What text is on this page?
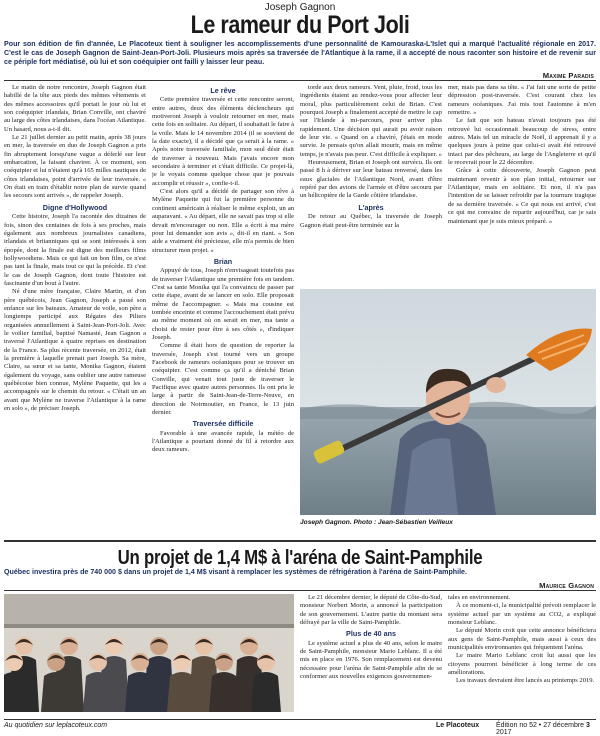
Joseph Gagnon
Le rameur du Port Joli
Pour son édition de fin d'année, Le Placoteux tient à souligner les accomplissements d'une personnalité de Kamouraska-L'Islet qui a marqué l'actualité régionale en 2017. C'est le cas de Joseph Gagnon de Saint-Jean-Port-Joli. Plusieurs mois après sa traversée de l'Atlantique à la rame, il a accepté de nous raconter son histoire et de revenir sur ce périple fort médiatisé, où lui et son coéquipier ont failli y laisser leur peau.
Maxime Paradis

Le matin de notre rencontre, Joseph Gagnon était habillé de la tête aux pieds des mêmes vêtements et des mêmes accessoires qu'il portait le jour où lui et son coéquipier irlandais, Brian Conville, ont chaviré au large des côtes irlandaises, dans l'océan Atlantique. Un hasard, nous a-t-il dit.

Le 21 juillet dernier au petit matin, après 38 jours en mer, la traversée en duo de Joseph Gagnon a pris fin abruptement lorsqu'une vague a déferlé sur leur embarcation, la faisant chavirer. À ce moment, son coéquipier et lui n'étaient qu'à 165 milles nautiques de côtes irlandaises, point d'arrivée de leur traversée. « On était en train d'établir notre plan de survie quand les secours sont arrivés », de rappeler Joseph.

Digne d'Hollywood

Cette histoire, Joseph l'a racontée des dizaines de fois, sinon des centaines de fois à ses proches, mais également aux nombreux journalistes canadiens, irlandais et britanniques qui se sont intéressés à son épopée, dont la finale est digne des meilleurs films hollywoodiens. Mais ce qui fait un bon film, ce n'est pas tant la finale, mais tout ce qui la précède. Et c'est le cas de Joseph Gagnon, dont toute l'histoire est fascinante d'un bout à l'autre.

Né d'une mère française, Claire Martin, et d'un père québécois, Jean Gagnon, Joseph a passé son enfance sur les bateaux. Amateur de voile, son père a longtemps participé aux Régates des Piliers organisées annuellement à Saint-Jean-Port-Joli. Avec le voilier familial, baptisé Namasté, Jean Gagnon a traversé l'Atlantique à quatre reprises en destination de la France. Sa plus récente traversée, en 2012, était la première à laquelle prenait part Joseph. Sa mère, Claire, sa sœur et sa tante, Monika Gagnon, étaient également du voyage, sans oublier une autre rameuse québécoise bien connue, Mylène Paquette, qui les a accompagnés sur le chemin du retour. « C'était un an avant que Mylène ne traverse l'Atlantique à la rame en solo », de préciser Joseph.

Le rêve

Cette première traversée et cette rencontre seront, entre autres, deux des éléments déclencheurs qui motiveront Joseph à vouloir retourner en mer, mais cette fois en solitaire. Au départ, il souhaitait le faire à la voile. Mais le 14 novembre 2014 (il se souvient de la date exacte), il a décidé que ça serait à la rame. « Après notre traversée familiale, mon seul désir était de traverser à nouveau. Mais j'avais encore mon secondaire à terminer et c'était difficile. Ce projet-là, je le voyais comme quelque chose que je pouvais accomplir et réussir », confie-t-il.

C'est alors qu'il a décidé de partager son rêve à Mylène Paquette qui fut la première personne du continent américain à réaliser le même exploit, un an auparavant. « Au départ, elle ne savait pas trop si elle devait m'encourager ou non. Elle a écrit à ma mère pour lui demander son avis », dit-il en riant. « Son aide a vraiment été précieuse, elle m'a permis de bien structurer mon projet. »

Brian

Appuyé de tous, Joseph n'envisageait toutefois pas de traverser l'Atlantique une première fois en tandem. C'est sa tante Monika qui l'a convaincu de passer par cette étape, avant de se lancer en solo. Elle proposait même de l'accompagner. « Mais ma cousine est tombée enceinte et comme l'accouchement était prévu au même moment où on serait en mer, ma tante a choisi de rester pour être à ses côtés », d'indiquer Joseph.

Comme il était hors de question de reporter la traversée, Joseph s'est tourné vers un groupe Facebook de rameurs océaniques pour se trouver un coéquipier. C'est comme ça qu'il a déniché Brian Conville, qui venait tout juste de traverser le Pacifique avec quatre autres personnes. Ils ont pris le large à partir de Saint-Jean-de-Terre-Neuve, en direction de Noirmoutier, en France, le 13 juin dernier.

Traversée difficile

Favorable à une avancée rapide, la météo de l'Atlantique a pourtant donné du fil à retordre aux deux rameurs.

torde aux deux rameurs. Vent, pluie, froid, tous les ingrédients étaient au rendez-vous pour affecter leur moral, plus particulièrement celui de Brian. C'est pourquoi Joseph a finalement accepté de mettre le cap sur l'Irlande à mi-parcours, pour arriver plus rapidement. Une décision qui aurait pu avoir raison de leur vie. « Quand on a chaviré, j'étais en mode survie. Je pensais qu'on allait mourir, mais en même temps, je n'avais pas peur. C'est difficile à expliquer. »

Heureusement, Brian et Joseph ont survécu. Ils ont passé 8 h à dériver sur leur bateau renversé, dans les eaux glaciales de l'Atlantique Nord, avant d'être repéré par des avions de l'armée et d'être secouru par un hélicoptère de la Garde côtière irlandaise.

L'après

De retour au Québec, la traversée de Joseph Gagnon était peut-être terminée sur la

mer, mais pas dans sa tête. « J'ai fait une sorte de petite dépression post-traversée. C'est courant chez les rameurs océaniques. J'ai mis tout l'automne à m'en remettre. »

Le fait que son bateau n'avait toujours pas été retrouvé lui occasionnait beaucoup de stress, entre autres. Mais tel un miracle de Noël, il apprenait il y a quelques jours à peine que celui-ci avait été retrouvé intact par des pêcheurs, au large de l'Angleterre et qu'il le recevrait pour le 22 décembre.

Grâce à cette découverte, Joseph Gagnon peut maintenant revenir à son plan initial, retourner sur l'Atlantique, mais en solitaire. Et non, il n'a pas l'intention de se laisser refroidir par la tournure tragique de sa dernière traversée. « Ce qui nous est arrivé, c'est ce qui me convainc de repartir aujourd'hui, car je sais maintenant que je suis mieux préparé. »

Joseph Gagnon. Photo : Jean-Sébastien Veilleux
Un projet de 1,4 M$ à l'aréna de Saint-Pamphile
Québec investira près de 740 000 $ dans un projet de 1,4 M$ visant à remplacer les systèmes de réfrigération à l'aréna de Saint-Pamphile.
Maurice Gagnon

Le 21 décembre dernier, le député de Côte-du-Sud, monsieur Norbert Morin, a annoncé la participation de son gouvernement. L'autre partie du montant sera défrayé par la ville de Saint-Pamphile.

Plus de 40 ans

Le système actuel a plus de 40 ans, selon le maire de Saint-Pamphile, monsieur Mario Leblanc. Il a été mis en place en 1976. Son remplacement est devenu nécessaire pour l'aréna de Saint-Pamphile afin de se conformer aux nouvelles exigences gouvernemen-

tales en environnement.

À ce moment-ci, la municipalité prévoit remplacer le système actuel par un système au CO2, a expliqué monsieur Leblanc.

Le député Morin croit que cette annonce bénéficiera aux gens de Saint-Pamphile, mais aussi à ceux des municipalités environnantes qui fréquentent l'aréna.

Le maire Mario Leblanc croit lui aussi que les citoyens pourront bénéficier à long terme de ces améliorations.

Les travaux devraient être lancés au printemps 2019.

Au quotidien sur leplacoteux.com	Le Placoteux Édition no 52 • 27 décembre 2017
3
